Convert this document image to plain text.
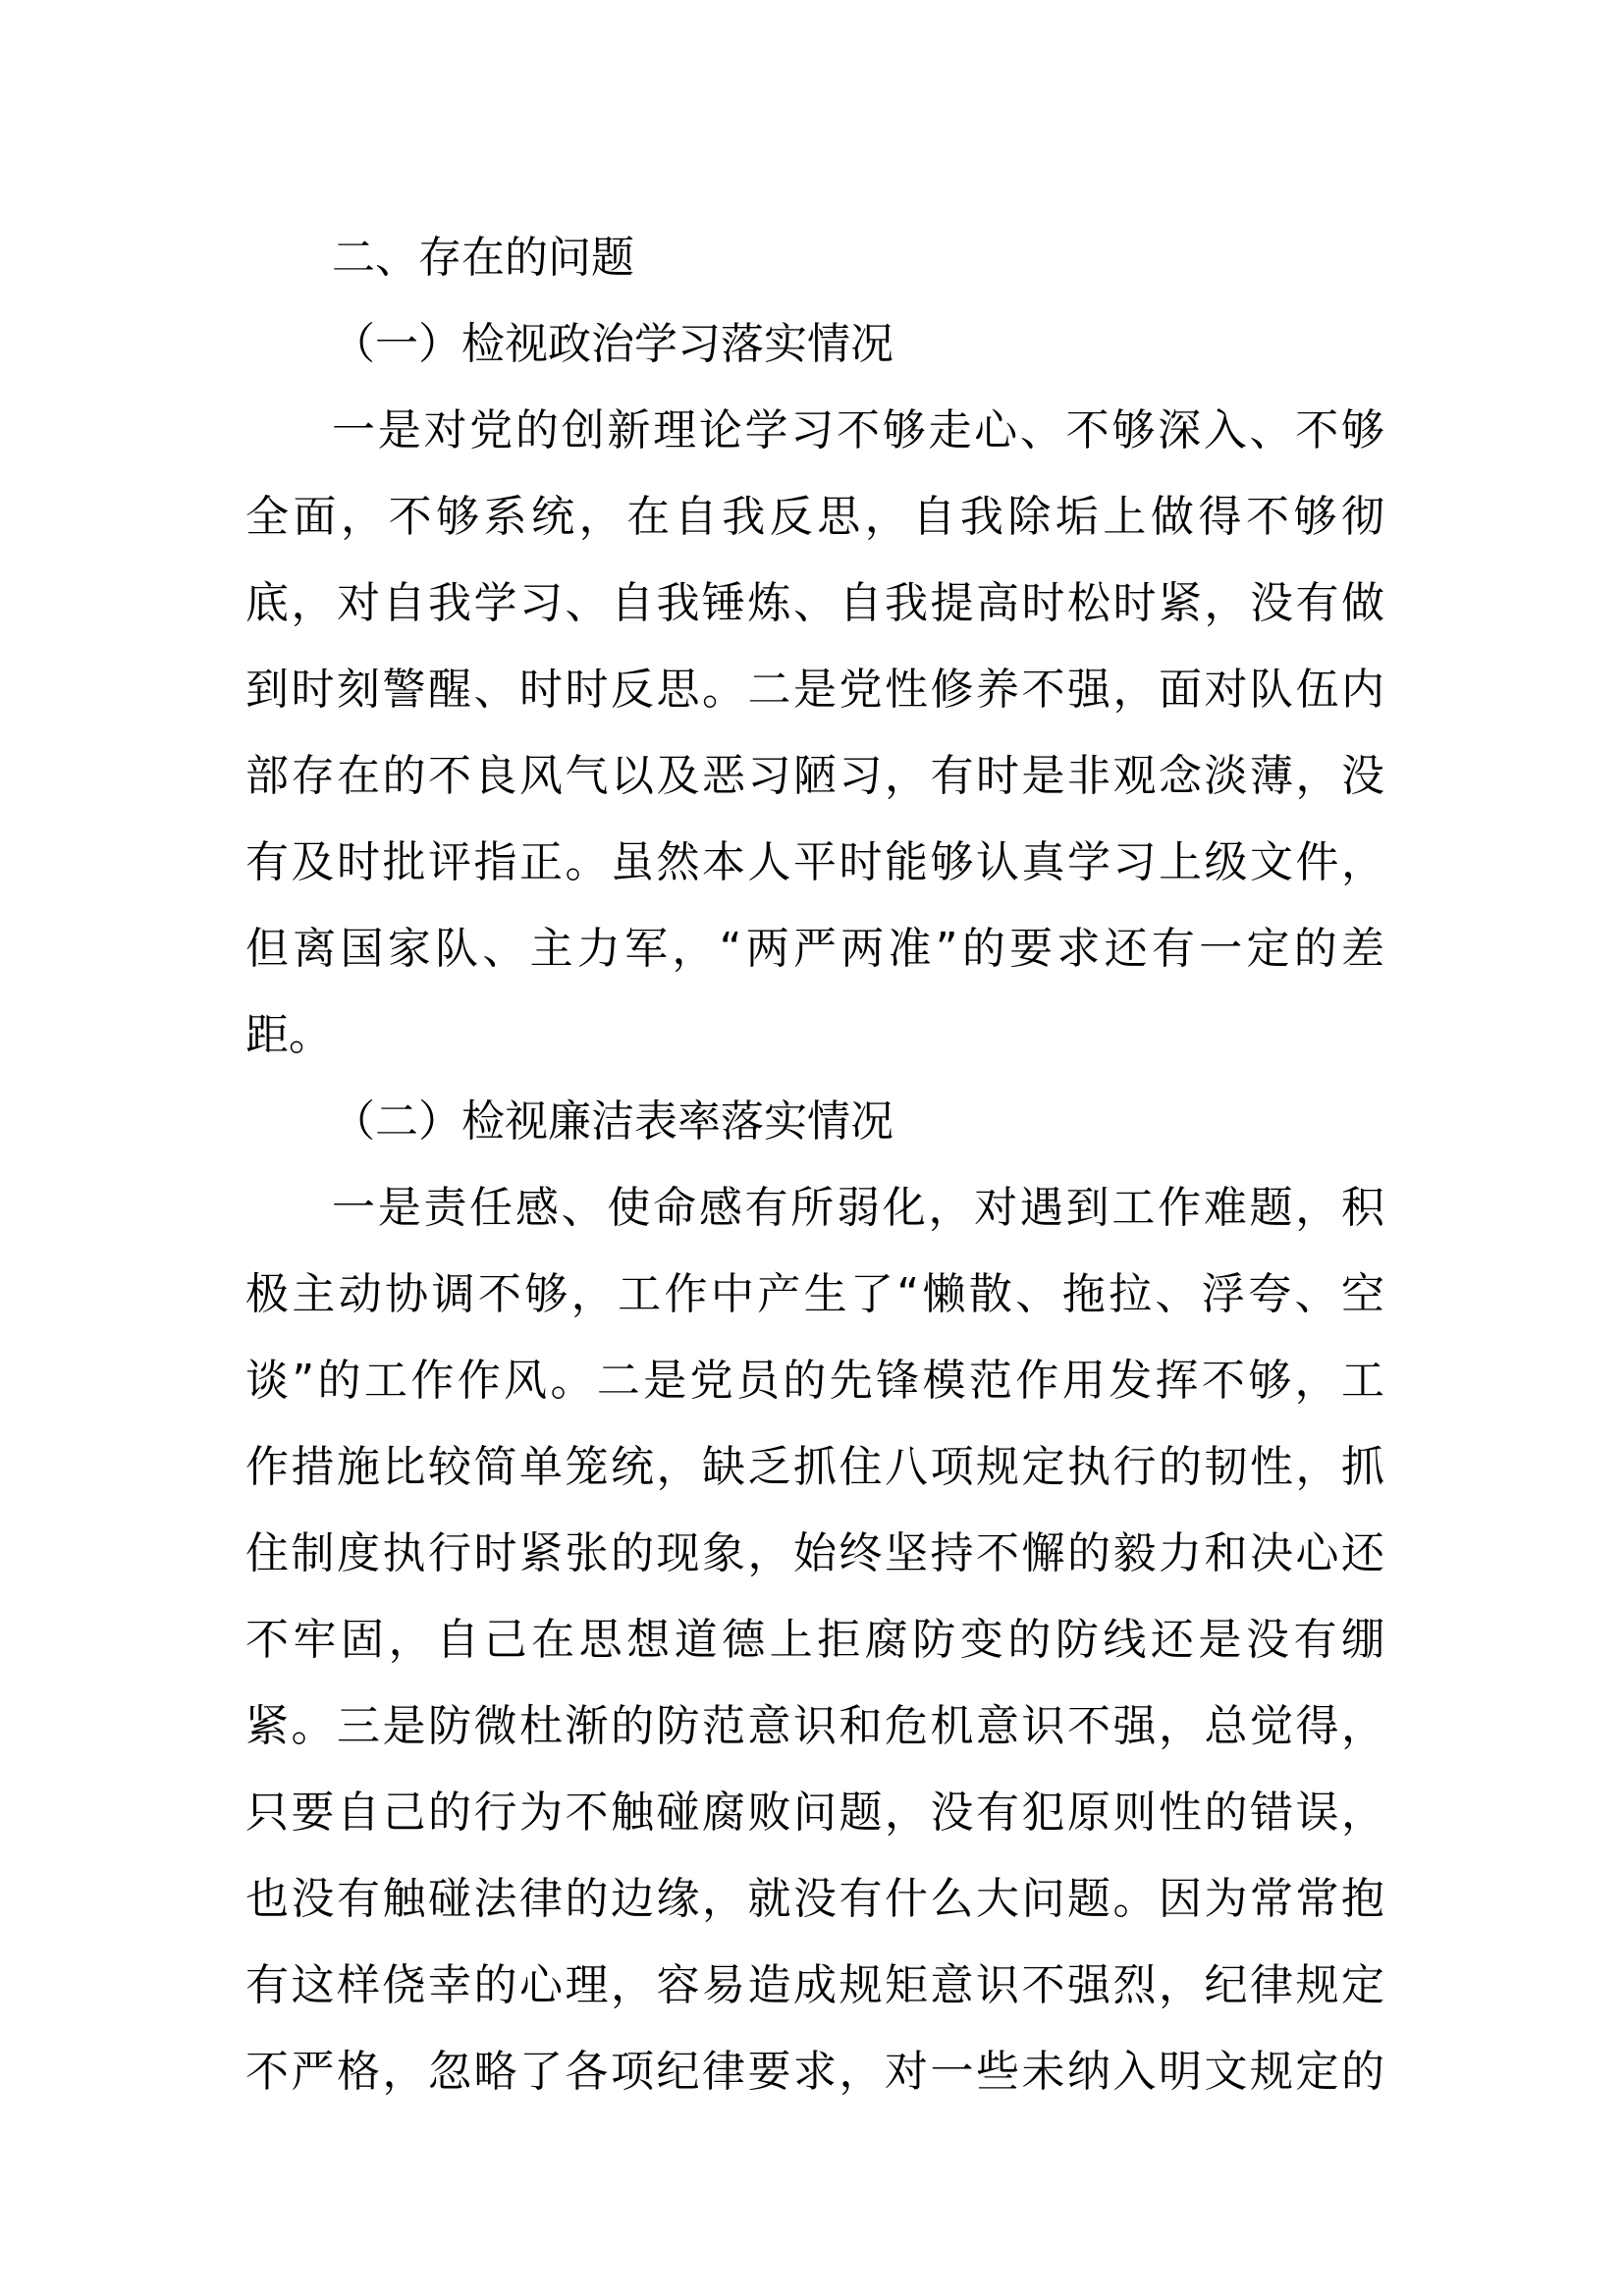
二、存在的问题
（一）检视政治学习落实情况
一是对党的创新理论学习不够走心、不够深入、不够
全面，不够系统，在自我反思，自我除垢上做得不够彻
底，对自我学习、自我锤炼、自我提高时松时紧，没有做
到时刻警醒、时时反思。二是党性修养不强，面对队伍内
部存在的不良风气以及恶习陋习，有时是非观念淡薄，没
有及时批评指正。虽然本人平时能够认真学习上级文件，
但离国家队、主力军，“两严两准”的要求还有一定的差
距。
（二）检视廉洁表率落实情况
一是责任感、使命感有所弱化，对遇到工作难题，积
极主动协调不够，工作中产生了“懒散、拖拉、浮夸、空
谈”的工作作风。二是党员的先锋模范作用发挥不够，工
作措施比较简单笼统，缺乏抓住八项规定执行的韧性，抓
住制度执行时紧张的现象，始终坚持不懈的毅力和决心还
不牢固，自己在思想道德上拒腐防变的防线还是没有绷
紧。三是防微杜渐的防范意识和危机意识不强，总觉得，
只要自己的行为不触碰腐败问题，没有犯原则性的错误，
也没有触碰法律的边缘，就没有什么大问题。因为常常抱
有这样侥幸的心理，容易造成规矩意识不强烈，纪律规定
不严格，忽略了各项纪律要求，对一些未纳入明文规定的
